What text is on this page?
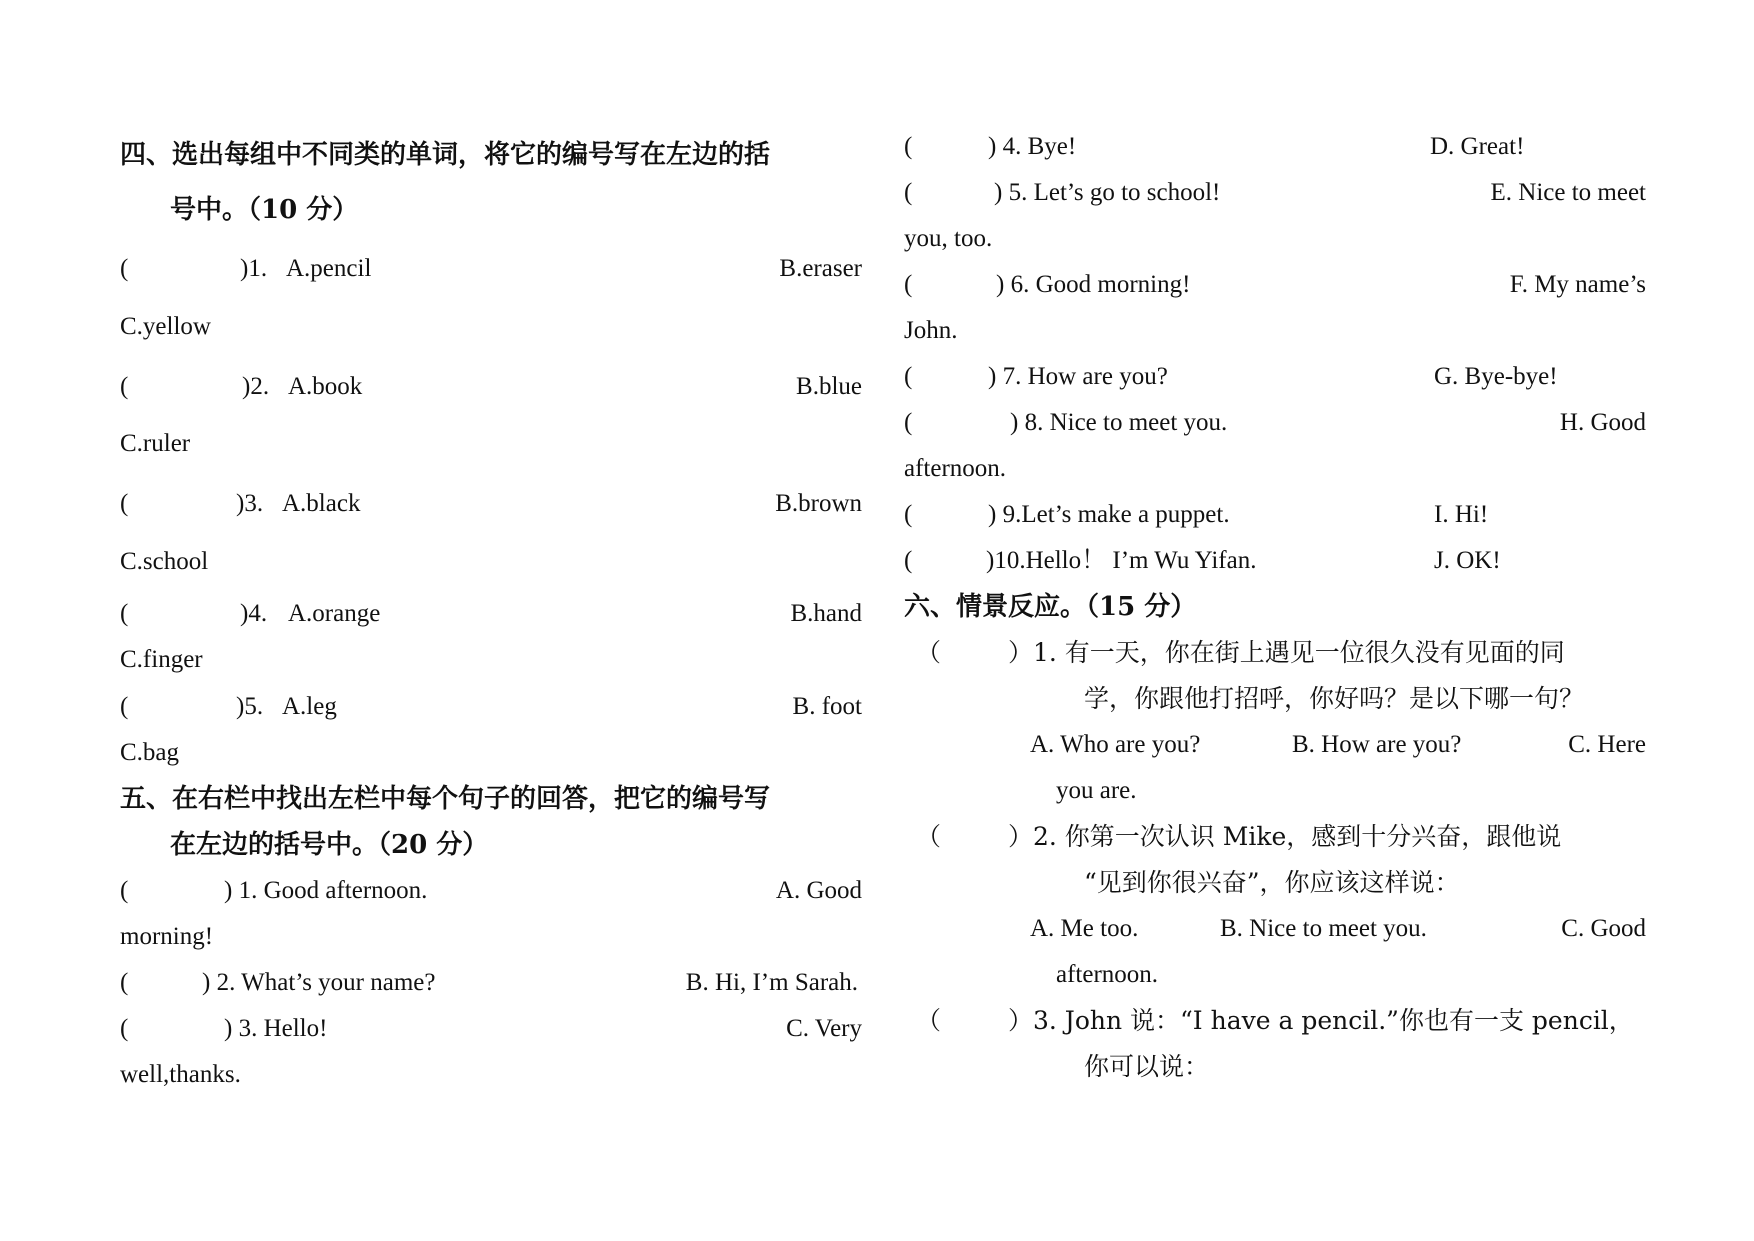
四、选出每组中不同类的单词，将它的编号写在左边的括
号中。（10 分）
(	)1. A.pencil	B.eraser
C.yellow
(	)2. A.book	B.blue
C.ruler
(	)3. A.black	B.brown
C.school
(	)4. A.orange	B.hand
C.finger
(	)5. A.leg	B. foot
C.bag
五、在右栏中找出左栏中每个句子的回答，把它的编号写
在左边的括号中。（20 分）
(	) 1. Good afternoon.	A. Good
morning!
(	) 2. What’s your name?	B. Hi, I’m Sarah.
(	) 3. Hello!	C. Very
well,thanks.
(	) 4. Bye!	D. Great!
(	) 5. Let’s go to school!	E. Nice to meet
you, too.
(	) 6. Good morning!	F. My name’s
John.
(	) 7. How are you?	G. Bye-bye!
(	) 8. Nice to meet you.	H. Good
afternoon.
(	) 9.Let’s make a puppet.	I. Hi!
(	)10.Hello！ I’m Wu Yifan.	J. OK!
六、情景反应。（15 分）
（	）1. 有一天，你在街上遇见一位很久没有见面的同
学，你跟他打招呼，你好吗？是以下哪一句？
A. Who are you?	B. How are you?	C. Here
you are.
（	）2. 你第一次认识 Mike，感到十分兴奋，跟他说
“见到你很兴奋”，你应该这样说：
A. Me too.	B. Nice to meet you.	C. Good
afternoon.
（	）3. John 说：“I have a pencil.”你也有一支 pencil，
你可以说：
